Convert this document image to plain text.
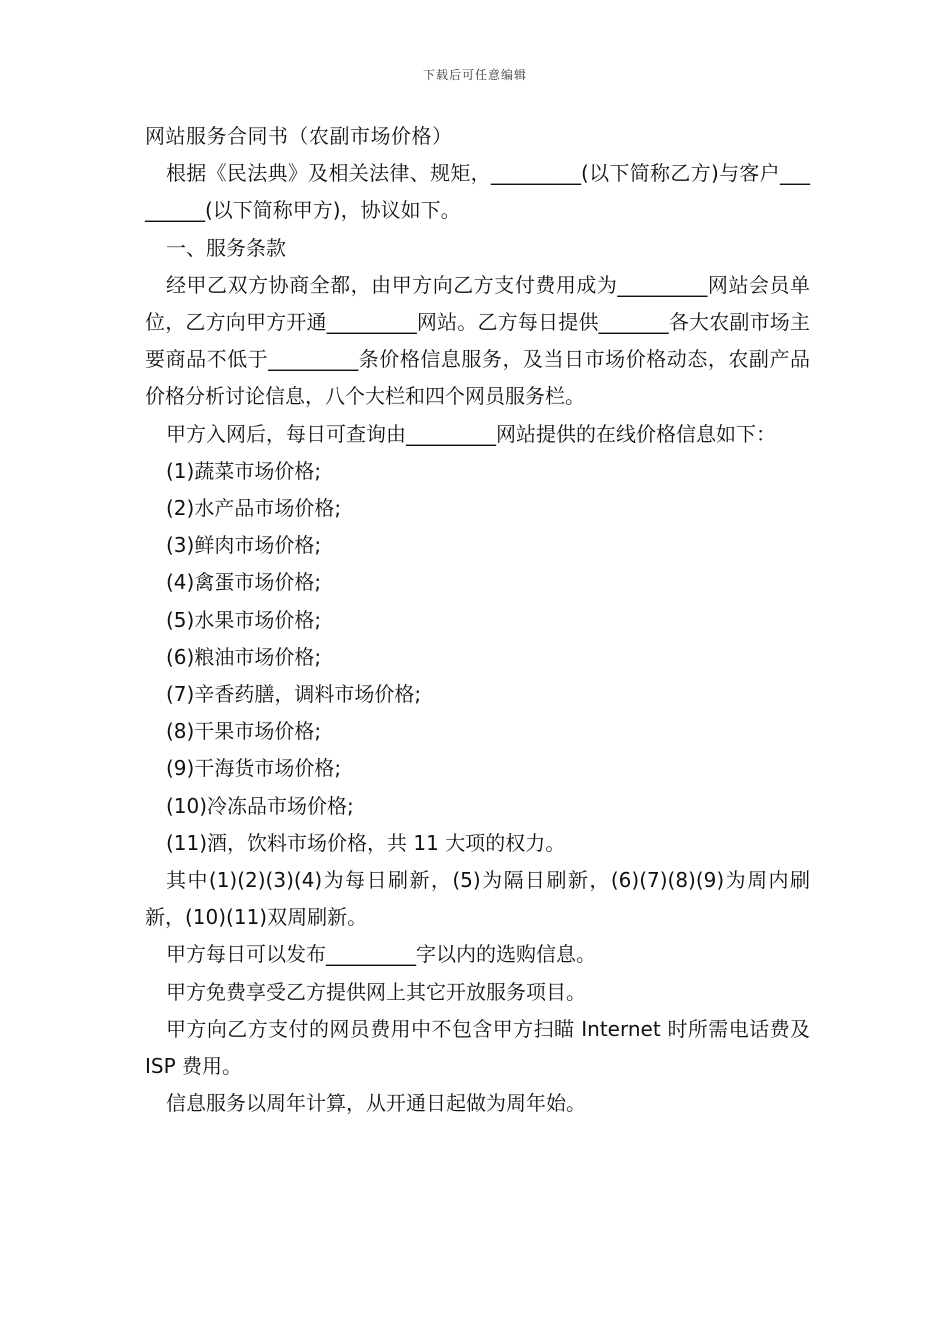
下载后可任意编辑

网站服务合同书（农副市场价格）

根据《民法典》及相关法律、规矩，_________(以下简称乙方)与客户_________(以下简称甲方)，协议如下。

一、服务条款

经甲乙双方协商全都，由甲方向乙方支付费用成为_________网站会员单位，乙方向甲方开通_________网站。乙方每日提供_______各大农副市场主要商品不低于_________条价格信息服务，及当日市场价格动态，农副产品价格分析讨论信息，八个大栏和四个网员服务栏。

甲方入网后，每日可查询由_________网站提供的在线价格信息如下：

(1)蔬菜市场价格;

(2)水产品市场价格;

(3)鲜肉市场价格;

(4)禽蛋市场价格;

(5)水果市场价格;

(6)粮油市场价格;

(7)辛香药膳，调料市场价格;

(8)干果市场价格;

(9)干海货市场价格;

(10)冷冻品市场价格;

(11)酒，饮料市场价格，共 11 大项的权力。

其中(1)(2)(3)(4)为每日刷新，(5)为隔日刷新，(6)(7)(8)(9)为周内刷新，(10)(11)双周刷新。

甲方每日可以发布_________字以内的选购信息。

甲方免费享受乙方提供网上其它开放服务项目。

甲方向乙方支付的网员费用中不包含甲方扫瞄 Internet 时所需电话费及 ISP 费用。

信息服务以周年计算，从开通日起做为周年始。
